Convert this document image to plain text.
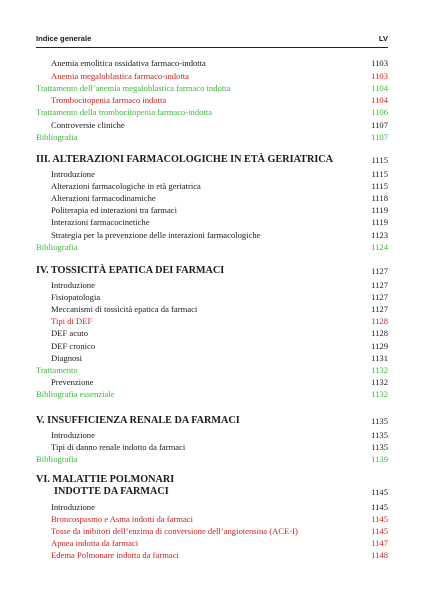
Indice generale	LV
Anemia emolitica ossidativa farmaco-indotta	1103
Anemia megaloblastica farmaco-indotta	1103
Trattamento dell’anemia megaloblastica farmaco indotta	1104
Trombocitopenia farmaco indotta	1104
Trattamento della trombocitopenia farmaco-indotta	1106
Controversie cliniche	1107
Bibliografia	1107
III. ALTERAZIONI FARMACOLOGICHE IN ETÀ GERIATRICA	1115
Introduzione	1115
Alterazioni farmacologiche in età geriatrica	1115
Alterazioni farmacodinamiche	1118
Politerapia ed interazioni tra farmaci	1119
Interazioni farmacocinetiche	1119
Strategia per la prevenzione delle interazioni farmacologiche	1123
Bibliografia	1124
IV. TOSSICITÀ EPATICA DEI FARMACI	1127
Introduzione	1127
Fisiopatologia	1127
Meccanismi di tossicità epatica da farmaci	1127
Tipi di DEF	1128
DEF acuto	1128
DEF cronico	1129
Diagnosi	1131
Trattamento	1132
Prevenzione	1132
Bibliografia essenziale	1132
V. INSUFFICIENZA RENALE DA FARMACI	1135
Introduzione	1135
Tipi di danno renale indotto da farmaci	1135
Bibliografia	1139
VI. MALATTIE POLMONARI
INDOTTE DA FARMACI	1145
Introduzione	1145
Broncospasmo e Asma indotti da farmaci	1145
Tosse da inibitori dell’enzima di conversione dell’angiotensina (ACE-I)	1145
Apnea indotta da farmaci	1147
Edema Polmonare indotta da farmaci	1148
